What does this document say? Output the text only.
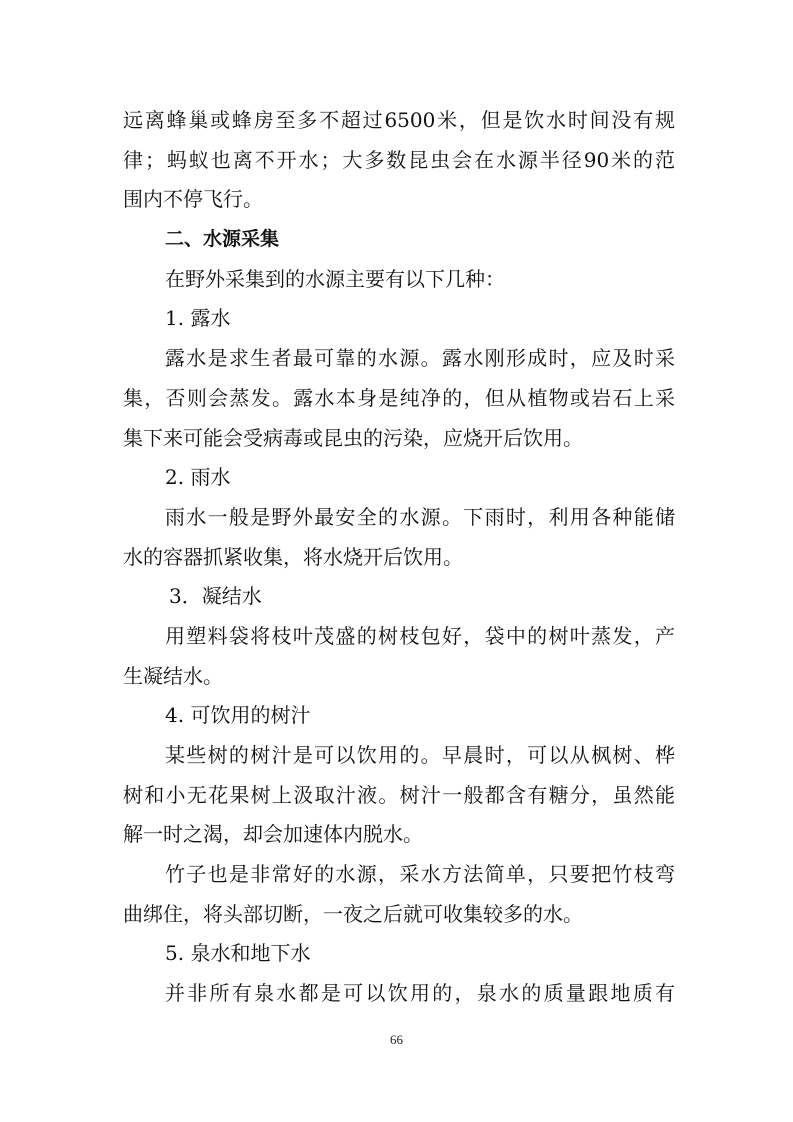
远离蜂巢或蜂房至多不超过6500米，但是饮水时间没有规
律；蚂蚁也离不开水；大多数昆虫会在水源半径90米的范
围内不停飞行。
二、水源采集
在野外采集到的水源主要有以下几种：
1. 露水
露水是求生者最可靠的水源。露水刚形成时，应及时采
集，否则会蒸发。露水本身是纯净的，但从植物或岩石上采
集下来可能会受病毒或昆虫的污染，应烧开后饮用。
2. 雨水
雨水一般是野外最安全的水源。下雨时，利用各种能储
水的容器抓紧收集，将水烧开后饮用。
3．凝结水
用塑料袋将枝叶茂盛的树枝包好，袋中的树叶蒸发，产
生凝结水。
4. 可饮用的树汁
某些树的树汁是可以饮用的。早晨时，可以从枫树、桦
树和小无花果树上汲取汁液。树汁一般都含有糖分，虽然能
解一时之渴，却会加速体内脱水。
竹子也是非常好的水源，采水方法简单，只要把竹枝弯
曲绑住，将头部切断，一夜之后就可收集较多的水。
5. 泉水和地下水
并非所有泉水都是可以饮用的，泉水的质量跟地质有
66
